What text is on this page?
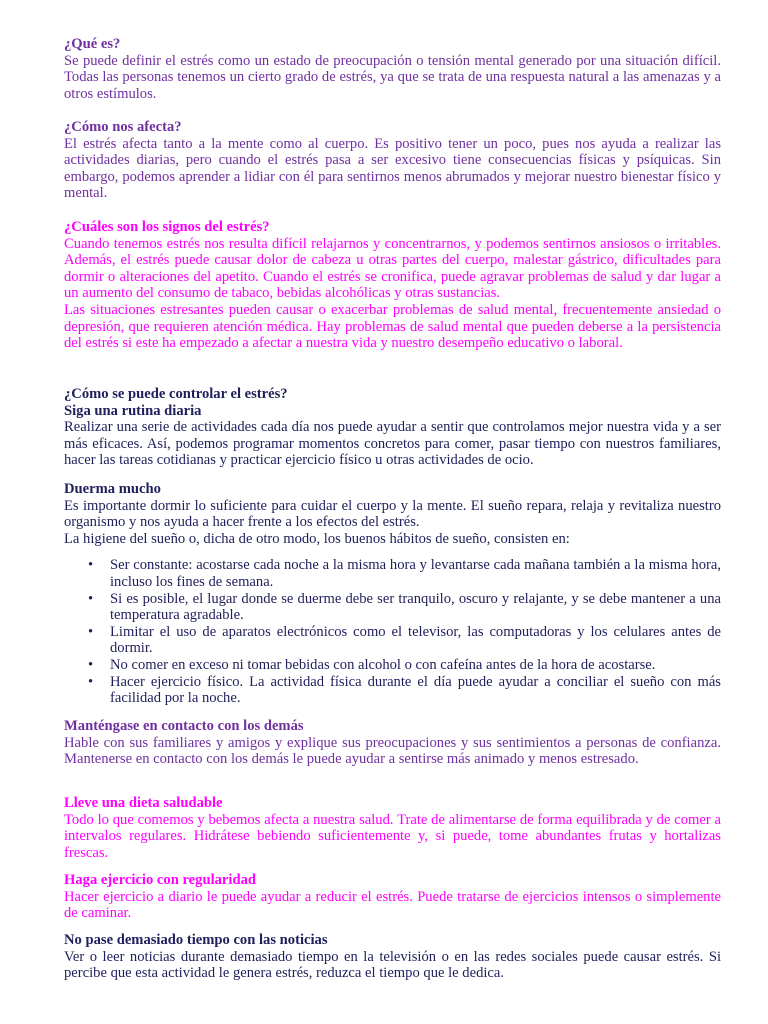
¿Qué es?
Se puede definir el estrés como un estado de preocupación o tensión mental generado por una situación difícil. Todas las personas tenemos un cierto grado de estrés, ya que se trata de una respuesta natural a las amenazas y a otros estímulos.
¿Cómo nos afecta?
El estrés afecta tanto a la mente como al cuerpo. Es positivo tener un poco, pues nos ayuda a realizar las actividades diarias, pero cuando el estrés pasa a ser excesivo tiene consecuencias físicas y psíquicas. Sin embargo, podemos aprender a lidiar con él para sentirnos menos abrumados y mejorar nuestro bienestar físico y mental.
¿Cuáles son los signos del estrés?
Cuando tenemos estrés nos resulta difícil relajarnos y concentrarnos, y podemos sentirnos ansiosos o irritables. Además, el estrés puede causar dolor de cabeza u otras partes del cuerpo, malestar gástrico, dificultades para dormir o alteraciones del apetito. Cuando el estrés se cronifica, puede agravar problemas de salud y dar lugar a un aumento del consumo de tabaco, bebidas alcohólicas y otras sustancias.
Las situaciones estresantes pueden causar o exacerbar problemas de salud mental, frecuentemente ansiedad o depresión, que requieren atención médica. Hay problemas de salud mental que pueden deberse a la persistencia del estrés si este ha empezado a afectar a nuestra vida y nuestro desempeño educativo o laboral.
¿Cómo se puede controlar el estrés?
Siga una rutina diaria
Realizar una serie de actividades cada día nos puede ayudar a sentir que controlamos mejor nuestra vida y a ser más eficaces. Así, podemos programar momentos concretos para comer, pasar tiempo con nuestros familiares, hacer las tareas cotidianas y practicar ejercicio físico u otras actividades de ocio.
Duerma mucho
Es importante dormir lo suficiente para cuidar el cuerpo y la mente. El sueño repara, relaja y revitaliza nuestro organismo y nos ayuda a hacer frente a los efectos del estrés.
La higiene del sueño o, dicha de otro modo, los buenos hábitos de sueño, consisten en:
• Ser constante: acostarse cada noche a la misma hora y levantarse cada mañana también a la misma hora, incluso los fines de semana.
• Si es posible, el lugar donde se duerme debe ser tranquilo, oscuro y relajante, y se debe mantener a una temperatura agradable.
• Limitar el uso de aparatos electrónicos como el televisor, las computadoras y los celulares antes de dormir.
• No comer en exceso ni tomar bebidas con alcohol o con cafeína antes de la hora de acostarse.
• Hacer ejercicio físico. La actividad física durante el día puede ayudar a conciliar el sueño con más facilidad por la noche.
Manténgase en contacto con los demás
Hable con sus familiares y amigos y explique sus preocupaciones y sus sentimientos a personas de confianza. Mantenerse en contacto con los demás le puede ayudar a sentirse más animado y menos estresado.
Lleve una dieta saludable
Todo lo que comemos y bebemos afecta a nuestra salud. Trate de alimentarse de forma equilibrada y de comer a intervalos regulares. Hidrátese bebiendo suficientemente y, si puede, tome abundantes frutas y hortalizas frescas.
Haga ejercicio con regularidad
Hacer ejercicio a diario le puede ayudar a reducir el estrés. Puede tratarse de ejercicios intensos o simplemente de caminar.
No pase demasiado tiempo con las noticias
Ver o leer noticias durante demasiado tiempo en la televisión o en las redes sociales puede causar estrés. Si percibe que esta actividad le genera estrés, reduzca el tiempo que le dedica.
